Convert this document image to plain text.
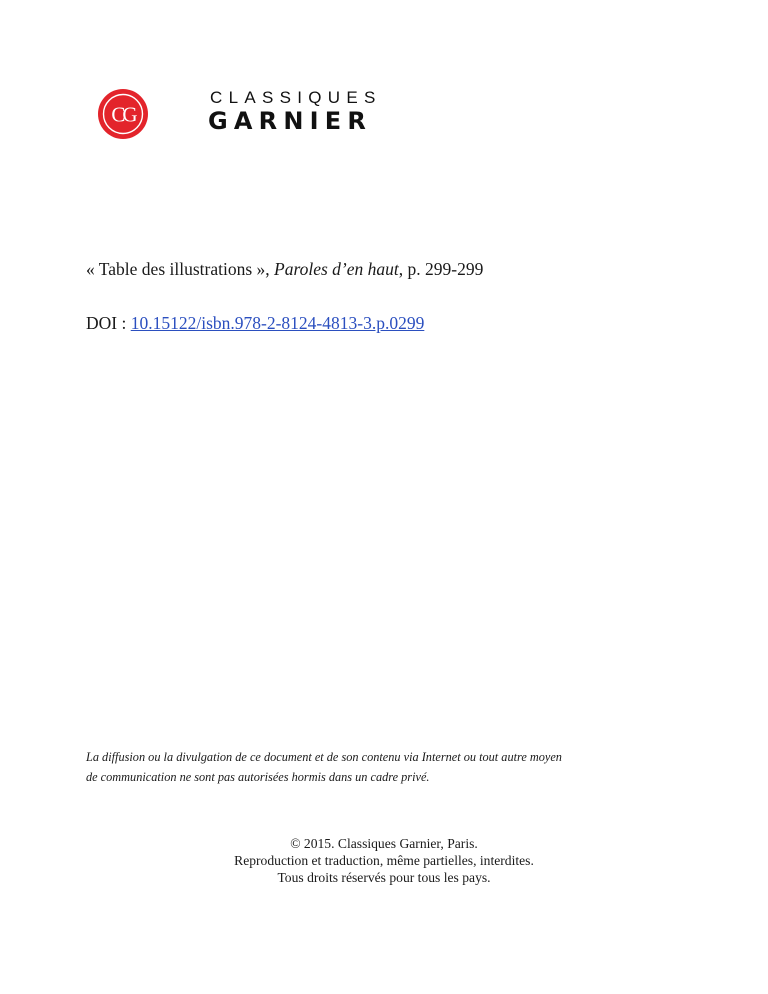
CG
CLASSIQUES
GARNIER
« Table des illustrations », Paroles d’en haut, p. 299-299
DOI : 10.15122/isbn.978-2-8124-4813-3.p.0299
La diffusion ou la divulgation de ce document et de son contenu via Internet ou tout autre moyen
de communication ne sont pas autorisées hormis dans un cadre privé.
© 2015. Classiques Garnier, Paris.
Reproduction et traduction, même partielles, interdites.
Tous droits réservés pour tous les pays.
